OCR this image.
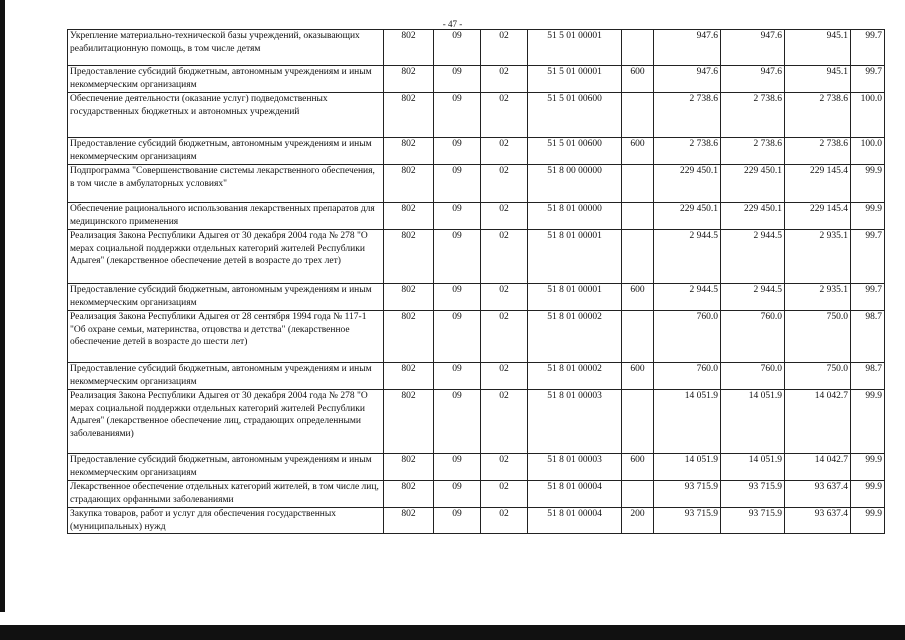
- 47 -
Укрепление материально-технической базы учреждений, оказывающих реабилитационную помощь, в том числе детям	802	09	02	51 5 01 00001		947.6	947.6	945.1	99.7
Предоставление субсидий бюджетным, автономным учреждениям и иным некоммерческим организациям	802	09	02	51 5 01 00001	600	947.6	947.6	945.1	99.7
Обеспечение деятельности (оказание услуг) подведомственных государственных бюджетных и автономных учреждений	802	09	02	51 5 01 00600		2 738.6	2 738.6	2 738.6	100.0
Предоставление субсидий бюджетным, автономным учреждениям и иным некоммерческим организациям	802	09	02	51 5 01 00600	600	2 738.6	2 738.6	2 738.6	100.0
Подпрограмма "Совершенствование системы лекарственного обеспечения, в том числе в амбулаторных условиях"	802	09	02	51 8 00 00000		229 450.1	229 450.1	229 145.4	99.9
Обеспечение рационального использования лекарственных препаратов для медицинского применения	802	09	02	51 8 01 00000		229 450.1	229 450.1	229 145.4	99.9
Реализация Закона Республики Адыгея от 30 декабря 2004 года № 278 "О мерах социальной поддержки отдельных категорий жителей Республики Адыгея" (лекарственное обеспечение детей в возрасте до трех лет)	802	09	02	51 8 01 00001		2 944.5	2 944.5	2 935.1	99.7
Предоставление субсидий бюджетным, автономным учреждениям и иным некоммерческим организациям	802	09	02	51 8 01 00001	600	2 944.5	2 944.5	2 935.1	99.7
Реализация Закона Республики Адыгея от 28 сентября 1994 года № 117-1 "Об охране семьи, материнства, отцовства и детства" (лекарственное обеспечение детей в возрасте до шести лет)	802	09	02	51 8 01 00002		760.0	760.0	750.0	98.7
Предоставление субсидий бюджетным, автономным учреждениям и иным некоммерческим организациям	802	09	02	51 8 01 00002	600	760.0	760.0	750.0	98.7
Реализация Закона Республики Адыгея от 30 декабря 2004 года № 278 "О мерах социальной поддержки отдельных категорий жителей Республики Адыгея" (лекарственное обеспечение лиц, страдающих определенными заболеваниями)	802	09	02	51 8 01 00003		14 051.9	14 051.9	14 042.7	99.9
Предоставление субсидий бюджетным, автономным учреждениям и иным некоммерческим организациям	802	09	02	51 8 01 00003	600	14 051.9	14 051.9	14 042.7	99.9
Лекарственное обеспечение отдельных категорий жителей, в том числе лиц, страдающих орфанными заболеваниями	802	09	02	51 8 01 00004		93 715.9	93 715.9	93 637.4	99.9
Закупка товаров, работ и услуг для обеспечения государственных (муниципальных) нужд	802	09	02	51 8 01 00004	200	93 715.9	93 715.9	93 637.4	99.9
